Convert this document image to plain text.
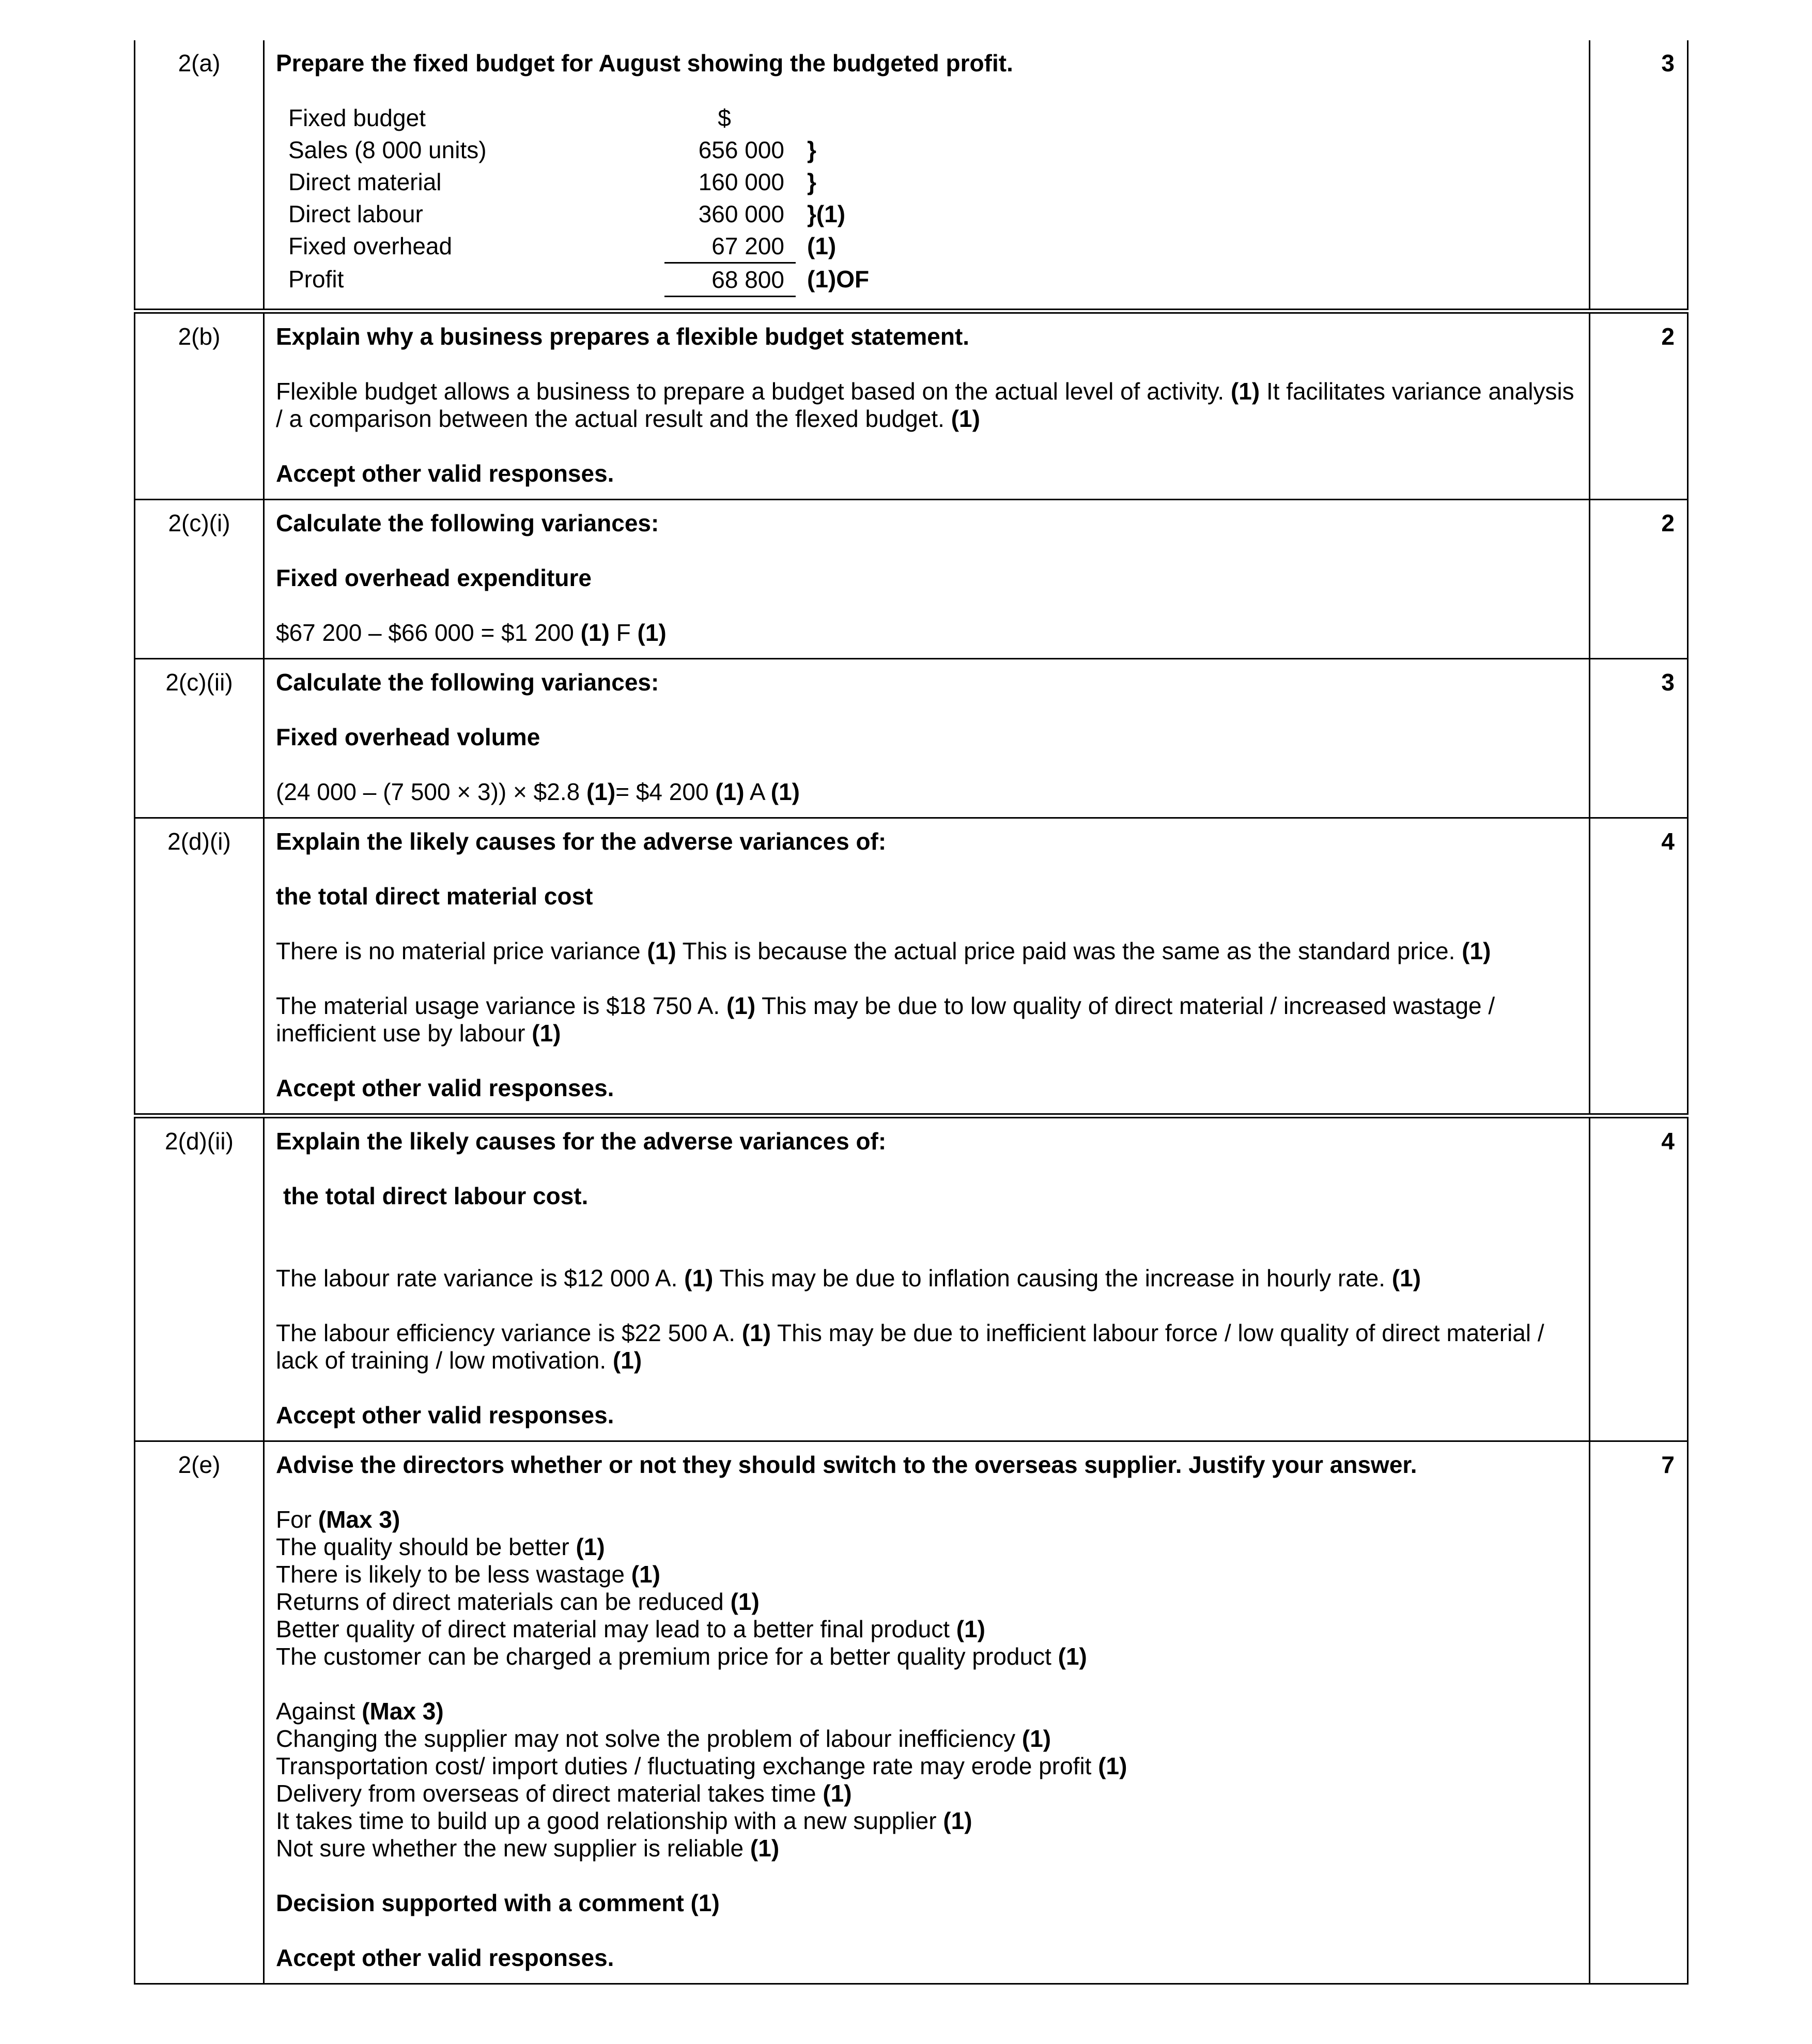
2(a)	Prepare the fixed budget for August showing the budgeted profit.
Fixed budget	$	
Sales (8 000 units)	656 000	}
Direct material	160 000	}
Direct labour	360 000	}(1)
Fixed overhead	67 200	(1)
Profit	68 800	(1)OF
	3
2(b)	Explain why a business prepares a flexible budget statement.
Flexible budget allows a business to prepare a budget based on the actual level of activity. (1) It facilitates variance analysis / a comparison between the actual result and the flexed budget. (1)
Accept other valid responses.
	2
2(c)(i)	Calculate the following variances:
Fixed overhead expenditure
$67 200 – $66 000 = $1 200 (1) F (1)
	2
2(c)(ii)	Calculate the following variances:
Fixed overhead volume
(24 000 – (7 500 × 3)) × $2.8 (1)= $4 200 (1) A (1)
	3
2(d)(i)	Explain the likely causes for the adverse variances of:
the total direct material cost
There is no material price variance (1) This is because the actual price paid was the same as the standard price. (1)
The material usage variance is $18 750 A. (1) This may be due to low quality of direct material / increased wastage / inefficient use by labour (1)
Accept other valid responses.
	4
2(d)(ii)	Explain the likely causes for the adverse variances of:
the total direct labour cost.
The labour rate variance is $12 000 A. (1) This may be due to inflation causing the increase in hourly rate. (1)
The labour efficiency variance is $22 500 A. (1) This may be due to inefficient labour force / low quality of direct material / lack of training / low motivation. (1)
Accept other valid responses.
	4
2(e)	Advise the directors whether or not they should switch to the overseas supplier. Justify your answer.
For (Max 3)
The quality should be better (1)
There is likely to be less wastage (1)
Returns of direct materials can be reduced (1)
Better quality of direct material may lead to a better final product (1)
The customer can be charged a premium price for a better quality product (1)
Against (Max 3)
Changing the supplier may not solve the problem of labour inefficiency (1)
Transportation cost/ import duties / fluctuating exchange rate may erode profit (1)
Delivery from overseas of direct material takes time (1)
It takes time to build up a good relationship with a new supplier (1)
Not sure whether the new supplier is reliable (1)
Decision supported with a comment (1)
Accept other valid responses.
	7
